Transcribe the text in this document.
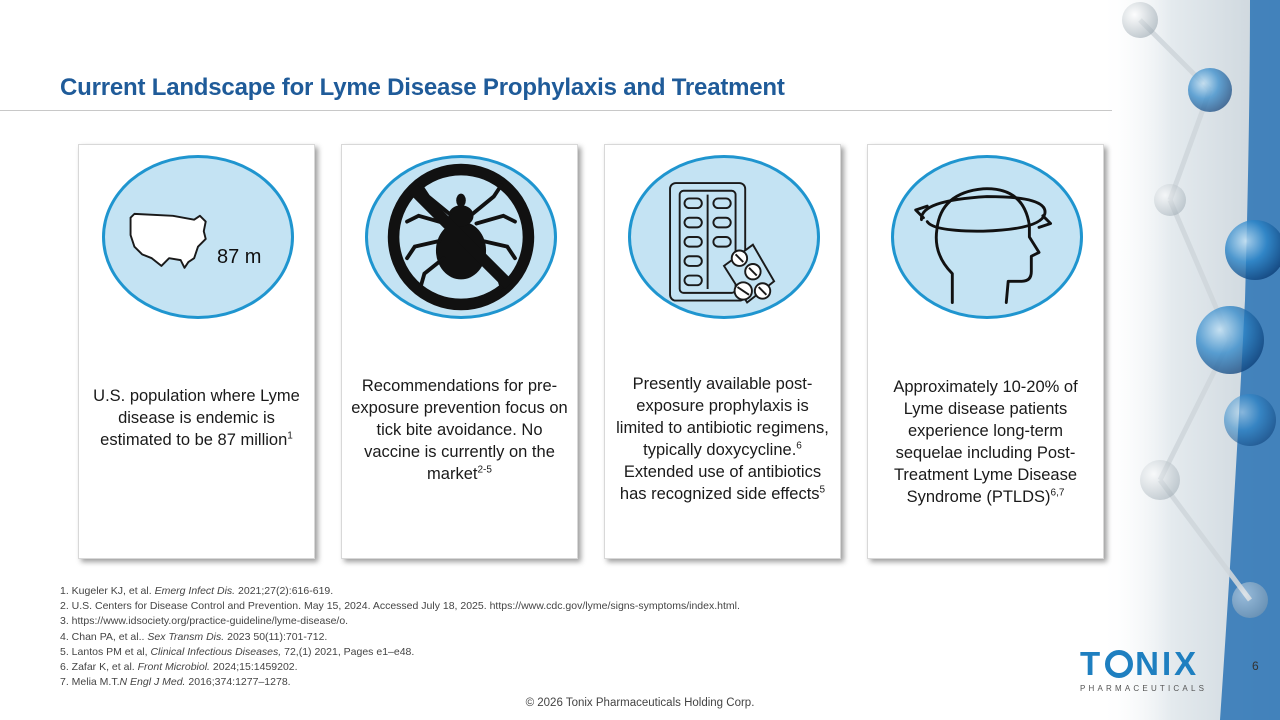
Current Landscape for Lyme Disease Prophylaxis and Treatment
87 m
U.S. population where Lyme disease is endemic is estimated to be 87 million$^1$
Recommendations for pre-exposure prevention focus on tick bite avoidance. No vaccine is currently on the market$^{2-5}$
Presently available post-exposure prophylaxis is limited to antibiotic regimens, typically doxycycline.$^6$
Extended use of antibiotics has recognized side effects$^5$
Approximately 10-20% of Lyme disease patients experience long-term sequelae including Post-Treatment Lyme Disease Syndrome (PTLDS)$^{6,7}$
1. Kugeler KJ, et al. Emerg Infect Dis. 2021;27(2):616-619.
2. U.S. Centers for Disease Control and Prevention. May 15, 2024. Accessed July 18, 2025. https://www.cdc.gov/lyme/signs-symptoms/index.html.
3. https://www.idsociety.org/practice-guideline/lyme-disease/o.
4. Chan PA, et al.. Sex Transm Dis. 2023 50(11):701-712.
5. Lantos PM et al, Clinical Infectious Diseases, 72,(1) 2021, Pages e1–e48.
6. Zafar K, et al. Front Microbiol. 2024;15:1459202.
7. Melia M.T.N Engl J Med. 2016;374:1277–1278.
© 2026 Tonix Pharmaceuticals Holding Corp.
T NIX
PHARMACEUTICALS
6
